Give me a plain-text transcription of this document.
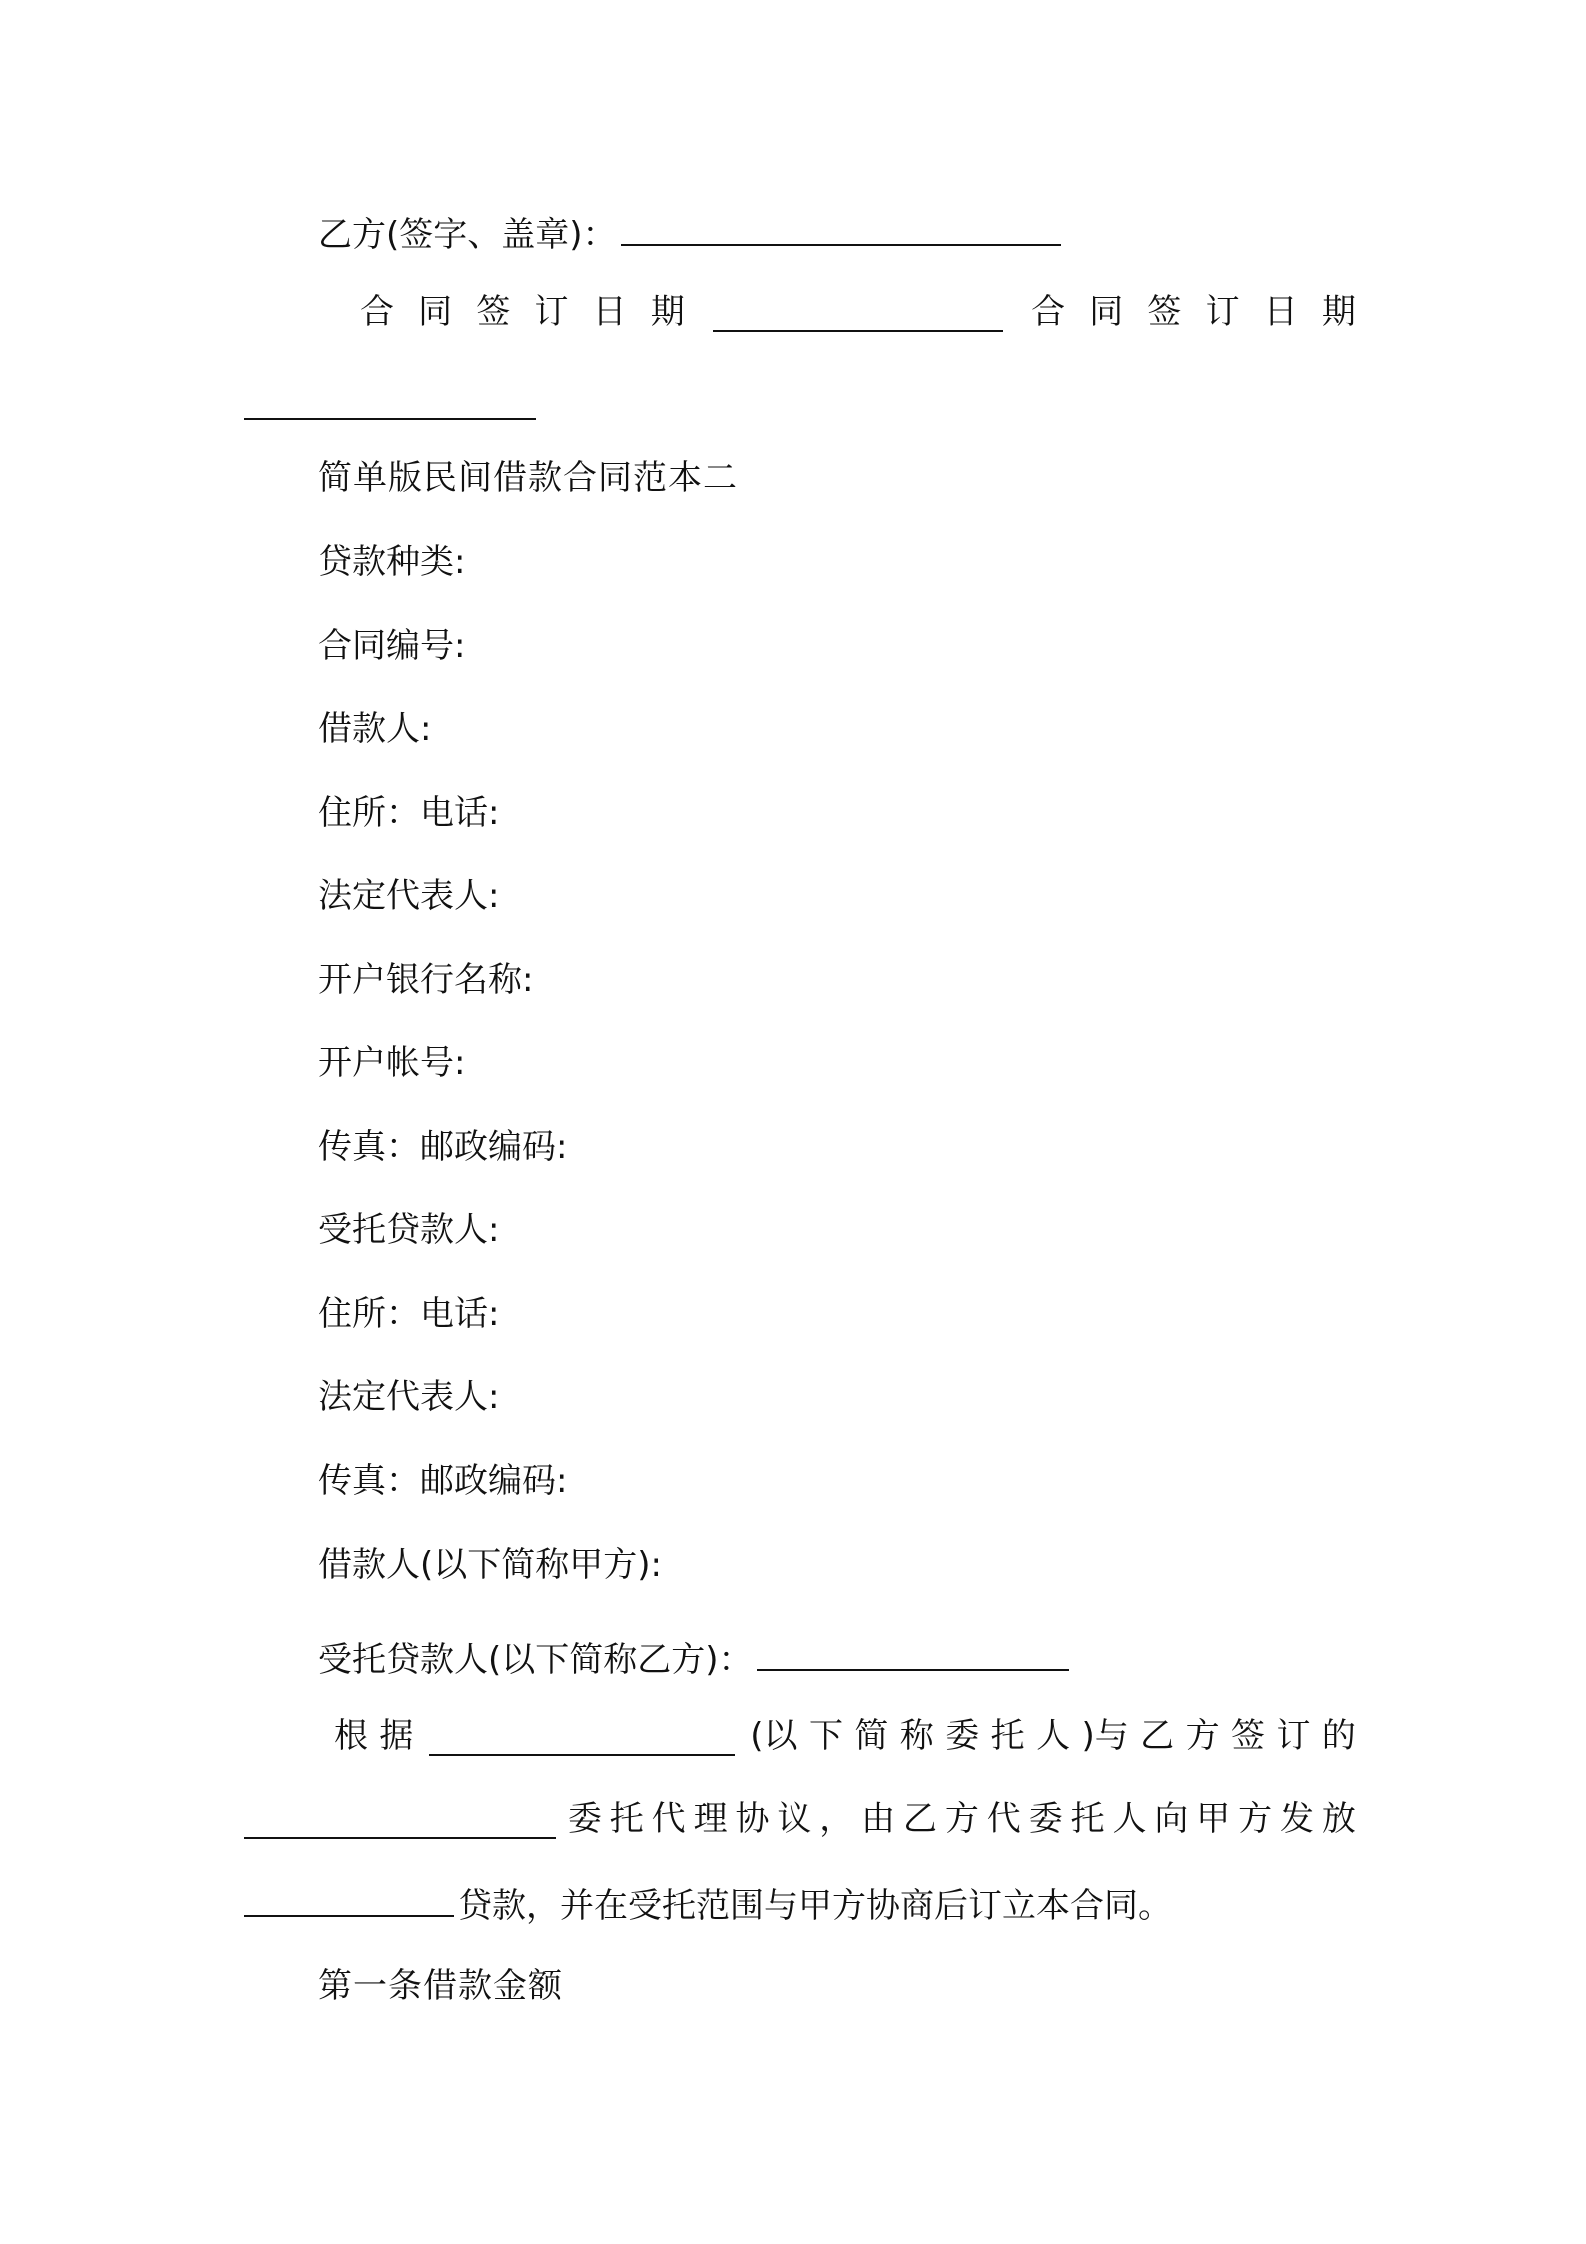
乙方(签字、盖章)：
合 同 签 订 日 期	合 同 签 订 日 期
简单版民间借款合同范本二
贷款种类:
合同编号:
借款人:
住所：电话:
法定代表人:
开户银行名称:
开户帐号:
传真：邮政编码:
受托贷款人:
住所：电话:
法定代表人:
传真：邮政编码:
借款人(以下简称甲方):
受托贷款人(以下简称乙方)：
根 据	(以 下 简 称 委 托 人 )与 乙 方 签 订 的
委 托 代 理 协 议 ， 由 乙 方 代 委 托 人 向 甲 方 发 放
贷款，并在受托范围与甲方协商后订立本合同。
第一条借款金额
